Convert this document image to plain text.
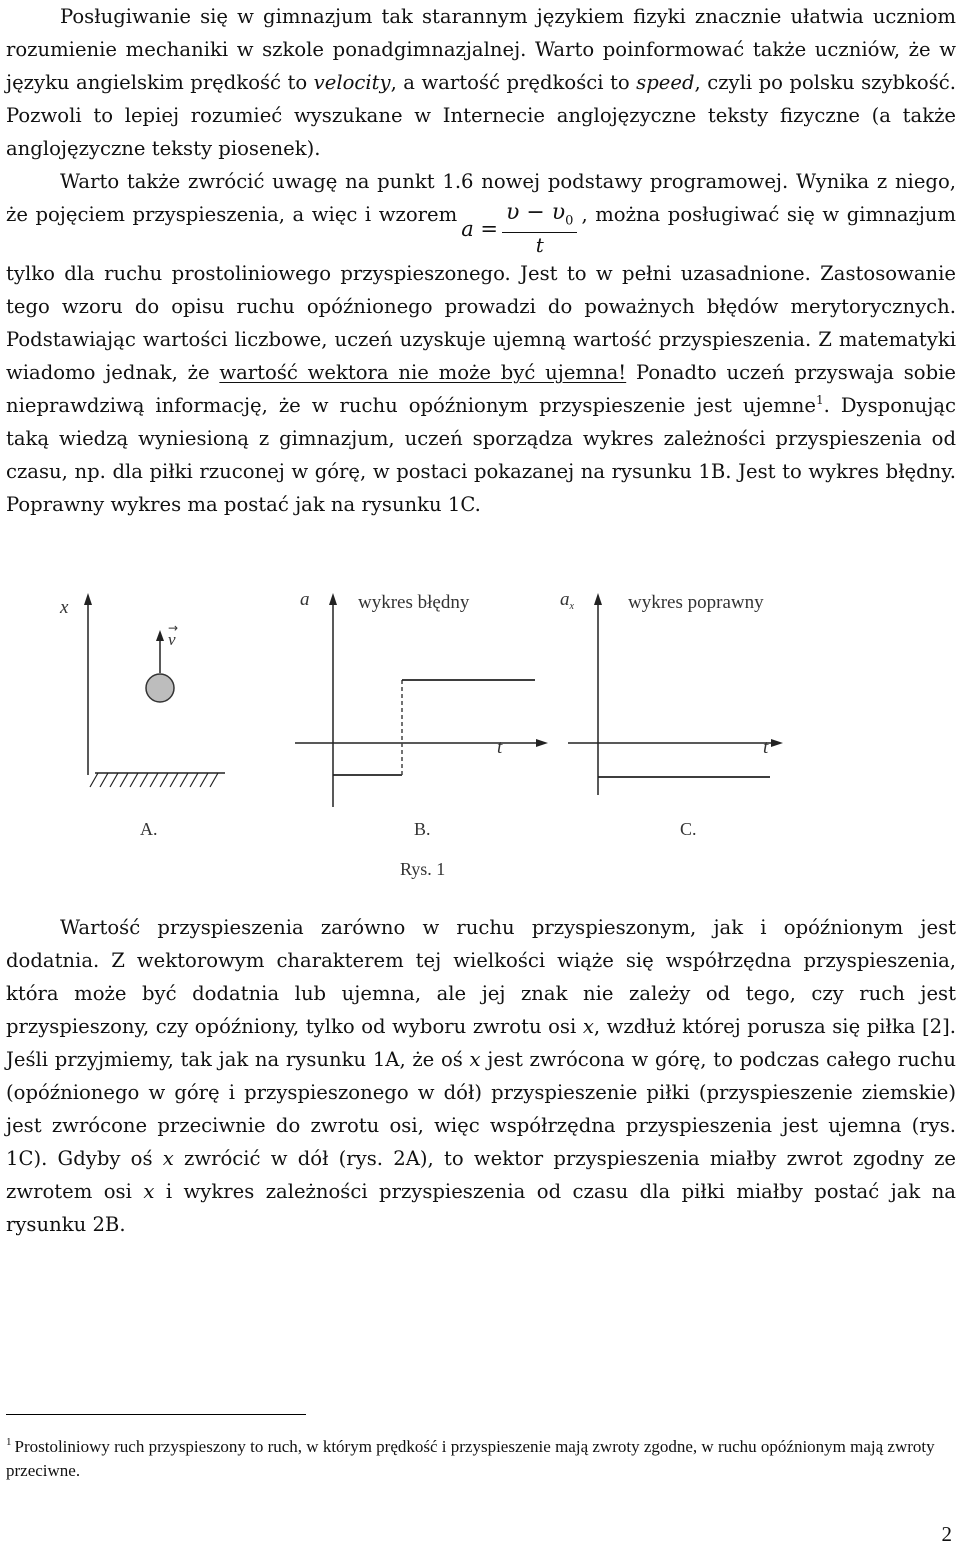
Posługiwanie się w gimnazjum tak starannym językiem fizyki znacznie ułatwia uczniom rozumienie mechaniki w szkole ponadgimnazjalnej. Warto poinformować także uczniów, że w języku angielskim prędkość to velocity, a wartość prędkości to speed, czyli po polsku szybkość. Pozwoli to lepiej rozumieć wyszukane w Internecie anglojęzyczne teksty fizyczne (a także anglojęzyczne teksty piosenek).
Warto także zwrócić uwagę na punkt 1.6 nowej podstawy programowej. Wynika z niego, że pojęciem przyspieszenia, a więc i wzorema = $\frac{\upsilon - \upsilon_0}{t}$ , można posługiwać się w gimnazjum tylko dla ruchu prostoliniowego przyspieszonego. Jest to w pełni uzasadnione. Zastosowanie tego wzoru do opisu ruchu opóźnionego prowadzi do poważnych błędów merytorycznych. Podstawiając wartości liczbowe, uczeń uzyskuje ujemną wartość przyspieszenia. Z matematyki wiadomo jednak, że wartość wektora nie może być ujemna! Ponadto uczeń przyswaja sobie nieprawdziwą informację, że w ruchu opóźnionym przyspieszenie jest ujemne$^1$. Dysponując taką wiedzą wyniesioną z gimnazjum, uczeń sporządza wykres zależności przyspieszenia od czasu, np. dla piłki rzuconej w górę, w postaci pokazanej na rysunku 1B. Jest to wykres błędny. Poprawny wykres ma postać jak na rysunku 1C.
x
v
→
A.
a	wykres błędny
t
B.
$a_x$	wykres poprawny
t
C.
Rys. 1
Wartość przyspieszenia zarówno w ruchu przyspieszonym, jak i opóźnionym jest dodatnia. Z wektorowym charakterem tej wielkości wiąże się współrzędna przyspieszenia, która może być dodatnia lub ujemna, ale jej znak nie zależy od tego, czy ruch jest przyspieszony, czy opóźniony, tylko od wyboru zwrotu osi x, wzdłuż której porusza się piłka [2]. Jeśli przyjmiemy, tak jak na rysunku 1A, że oś x jest zwrócona w górę, to podczas całego ruchu (opóźnionego w górę i przyspieszonego w dół) przyspieszenie piłki (przyspieszenie ziemskie) jest zwrócone przeciwnie do zwrotu osi, więc współrzędna przyspieszenia jest ujemna (rys. 1C). Gdyby oś x zwrócić w dół (rys. 2A), to wektor przyspieszenia miałby zwrot zgodny ze zwrotem osi x i wykres zależności przyspieszenia od czasu dla piłki miałby postać jak na rysunku 2B.
$^1$ Prostoliniowy ruch przyspieszony to ruch, w którym prędkość i przyspieszenie mają zwroty zgodne, w ruchu opóźnionym mają zwroty przeciwne.
2
